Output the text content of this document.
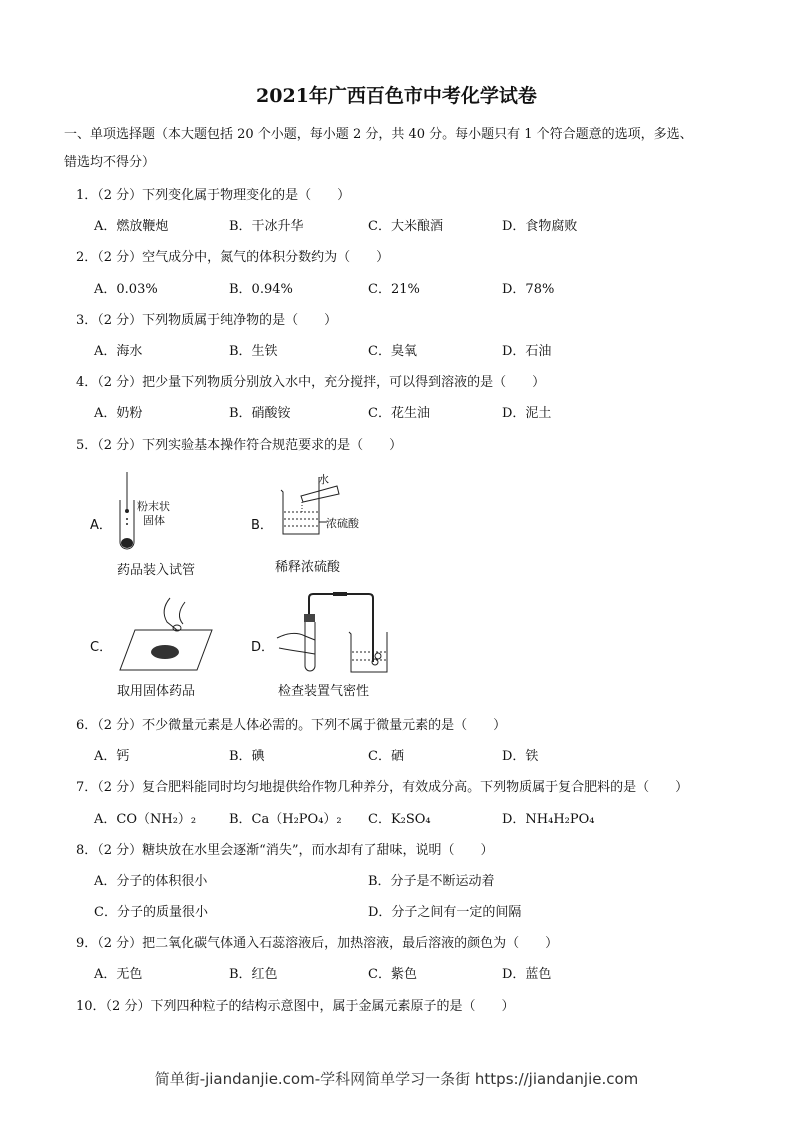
2021年广西百色市中考化学试卷
一、单项选择题（本大题包括 20 个小题，每小题 2 分，共 40 分。每小题只有 1 个符合题意的选项，多选、
错选均不得分）
1．（2 分）下列变化属于物理变化的是（　　）
A．燃放鞭炮	B．干冰升华	C．大米酿酒	D．食物腐败
2．（2 分）空气成分中，氮气的体积分数约为（　　）
A．0.03%	B．0.94%	C．21%	D．78%
3．（2 分）下列物质属于纯净物的是（　　）
A．海水	B．生铁	C．臭氧	D．石油
4．（2 分）把少量下列物质分别放入水中，充分搅拌，可以得到溶液的是（　　）
A．奶粉	B．硝酸铵	C．花生油	D．泥土
5．（2 分）下列实验基本操作符合规范要求的是（　　）
A．
粉末状
固体
药品装入试管
B．
水
浓硫酸
稀释浓硫酸
C．
取用固体药品
D．
检查装置气密性
6．（2 分）不少微量元素是人体必需的。下列不属于微量元素的是（　　）
A．钙	B．碘	C．硒	D．铁
7．（2 分）复合肥料能同时均匀地提供给作物几种养分，有效成分高。下列物质属于复合肥料的是（　　）
A．CO（NH₂）₂	B．Ca（H₂PO₄）₂ C．K₂SO₄	D．NH₄H₂PO₄
8．（2 分）糖块放在水里会逐渐“消失”，而水却有了甜味，说明（　　）
A．分子的体积很小	B．分子是不断运动着
C．分子的质量很小	D．分子之间有一定的间隔
9．（2 分）把二氧化碳气体通入石蕊溶液后，加热溶液，最后溶液的颜色为（　　）
A．无色	B．红色	C．紫色	D．蓝色
10．（2 分）下列四种粒子的结构示意图中，属于金属元素原子的是（　　）
简单街-jiandanjie.com-学科网简单学习一条街 https://jiandanjie.com
